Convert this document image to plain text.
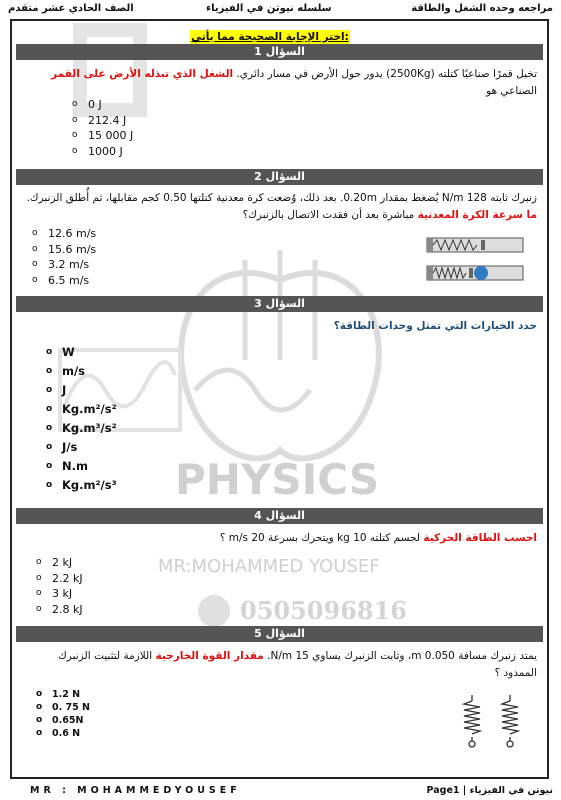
مراجعه وحده الشغل والطاقة
سلسله نيوتن في الفيزياء
الصف الحادي عشر متقدم
PHYSICS
MR:MOHAMMED YOUSEF
0505096816
اختر الإجابة الصحيحة مما يأتي:
السؤال 1
تخيل قمرًا صناعيًا كتلته (2500Kg) يدور حول الأرض في مسار دائري. الشغل الذي تبذله الأرض على القمر الصناعي هو
o 0 J
o 212.4 J
o 15 000 J
o 1000 J
السؤال 2
زنبرك ثابته 128 N/m يُضغط بمقدار 0.20m. بعد ذلك، وُضعت كرة معدنية كتلتها 0.50 كجم مقابلها، ثم أُطلق الزنبرك. ما سرعة الكرة المعدنية مباشرة بعد أن فقدت الاتصال بالزنبرك؟
o 12.6 m/s
o 15.6 m/s
o 3.2 m/s
o 6.5 m/s
السؤال 3
حدد الخيارات التي تمثل وحدات الطاقة؟
o W
o m/s
o J
o Kg.m²/s²
o Kg.m³/s²
o J/s
o N.m
o Kg.m²/s³
السؤال 4
احسب الطاقة الحركية لجسم كتلته 10 kg ويتحرك بسرعة 20 m/s ؟
o 2 kJ
o 2.2 kJ
o 3 kJ
o 2.8 kJ
السؤال 5
يمتد زنبرك مسافة 0.050 m، وثابت الزنبرك يساوي 15 N/m. مقدار القوة الخارجية اللازمة لتثبيت الزنبرك الممدود ؟
o 1.2 N
o 0. 75 N
o 0.65N
o 0.6 N
MR : MOHAMMEDYOUSEF	Page1 | نيوتن في الفيزياء
